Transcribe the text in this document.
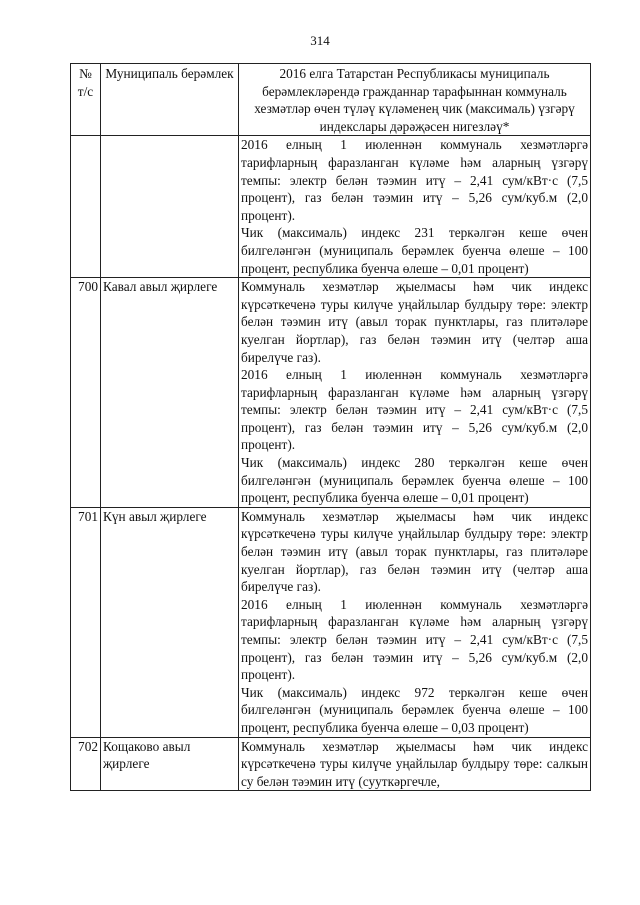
314
№ т/с	Муниципаль берәмлек	2016 елга Татарстан Республикасы муниципаль берәмлекләрендә гражданнар тарафыннан коммуналь хезмәтләр өчен түләү күләменең чик (максималь) үзгәрү индекслары дәрәҗәсен нигезләү*

		2016 елның 1 июленнән коммуналь хезмәтләргә тарифларның фаразланган күләме һәм аларның үзгәрү темпы: электр белән тәэмин итү – 2,41 сум/кВт·с (7,5 процент), газ белән тәэмин итү – 5,26 сум/куб.м (2,0 процент).

Чик (максималь) индекс 231 теркәлгән кеше өчен билгеләнгән (муниципаль берәмлек буенча өлеше – 100 процент, республика буенча өлеше – 0,01 процент)

700	Кавал авыл җирлеге	Коммуналь хезмәтләр җыелмасы һәм чик индекс күрсәткеченә туры килүче уңайлылар булдыру төре: электр белән тәэмин итү (авыл торак пунктлары, газ плитәләре куелган йортлар), газ белән тәэмин итү (челтәр аша бирелүче газ).

2016 елның 1 июленнән коммуналь хезмәтләргә тарифларның фаразланган күләме һәм аларның үзгәрү темпы: электр белән тәэмин итү – 2,41 сум/кВт·с (7,5 процент), газ белән тәэмин итү – 5,26 сум/куб.м (2,0 процент).

Чик (максималь) индекс 280 теркәлгән кеше өчен билгеләнгән (муниципаль берәмлек буенча өлеше – 100 процент, республика буенча өлеше – 0,01 процент)

701	Күн авыл җирлеге	Коммуналь хезмәтләр җыелмасы һәм чик индекс күрсәткеченә туры килүче уңайлылар булдыру төре: электр белән тәэмин итү (авыл торак пунктлары, газ плитәләре куелган йортлар), газ белән тәэмин итү (челтәр аша бирелүче газ).

2016 елның 1 июленнән коммуналь хезмәтләргә тарифларның фаразланган күләме һәм аларның үзгәрү темпы: электр белән тәэмин итү – 2,41 сум/кВт·с (7,5 процент), газ белән тәэмин итү – 5,26 сум/куб.м (2,0 процент).

Чик (максималь) индекс 972 теркәлгән кеше өчен билгеләнгән (муниципаль берәмлек буенча өлеше – 100 процент, республика буенча өлеше – 0,03 процент)

702	Кощаково авыл җирлеге	Коммуналь хезмәтләр җыелмасы һәм чик индекс күрсәткеченә туры килүче уңайлылар булдыру төре: салкын су белән тәэмин итү (сууткәргечле,
